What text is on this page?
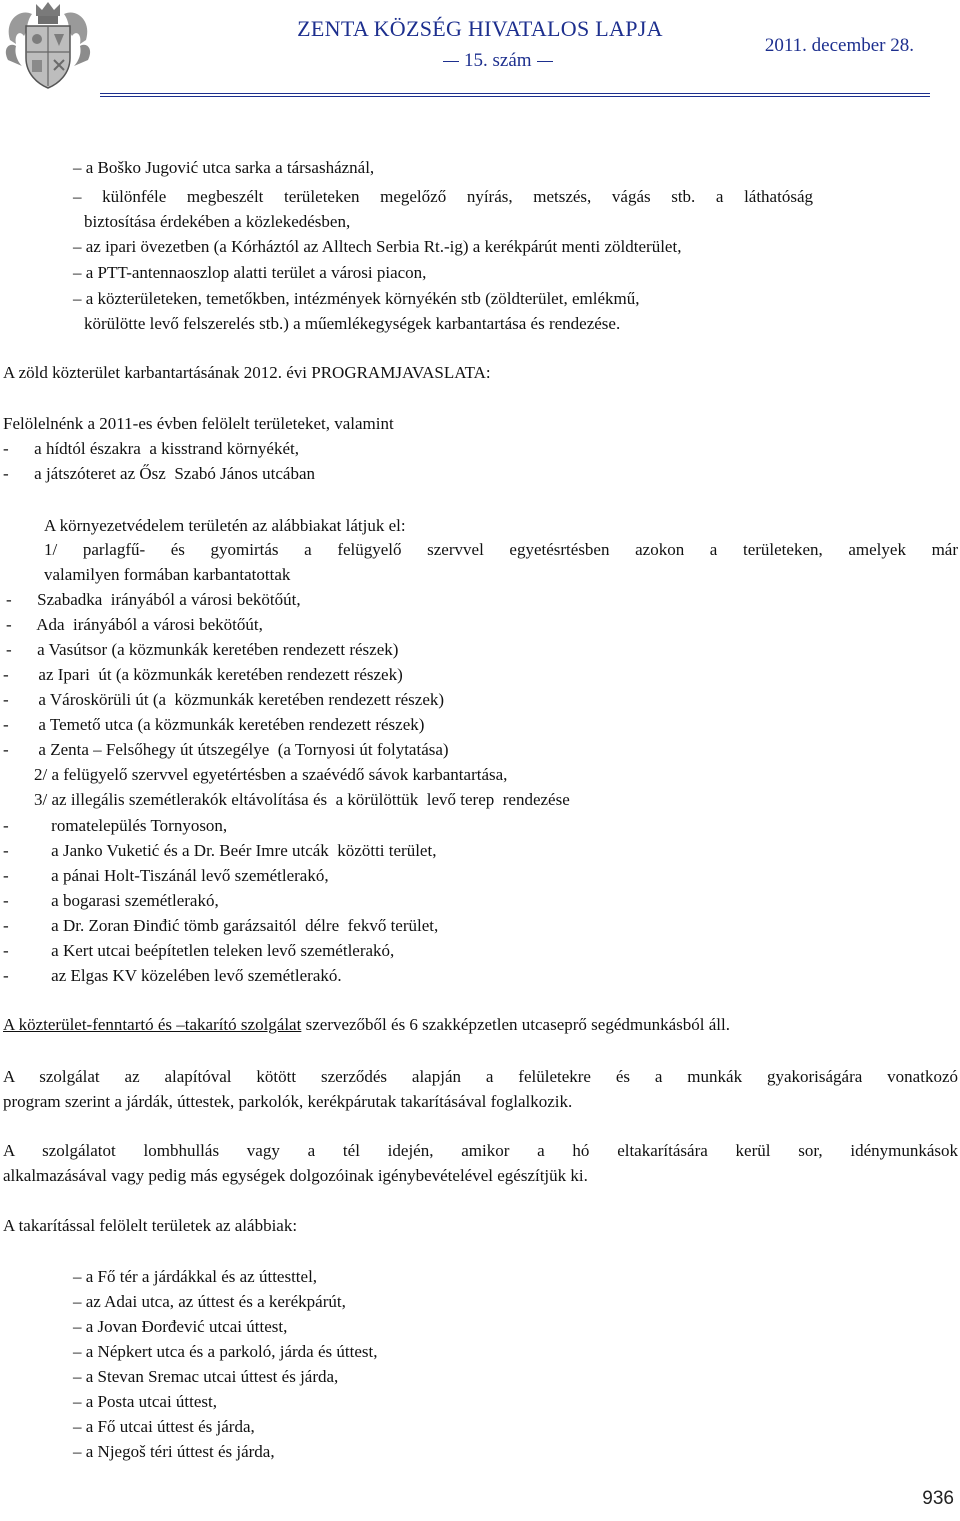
ZENTA KÖZSÉG HIVATALOS LAPJA
15. szám
2011. december 28.
– a Boško Jugović utca sarka a társasháznál,
– különféle megbeszélt területeken megelőző nyírás, metszés, vágás stb. a láthatóság
biztosítása érdekében a közlekedésben,
– az ipari övezetben (a Kórháztól az Alltech Serbia Rt.-ig) a kerékpárút menti zöldterület,
– a PTT-antennaoszlop alatti terület a városi piacon,
– a közterületeken, temetőkben, intézmények környékén stb (zöldterület, emlékmű,
körülötte levő felszerelés stb.) a műemlékegységek karbantartása és rendezése.
A zöld közterület karbantartásának 2012. évi PROGRAMJAVASLATA:
Felölelnénk a 2011-es évben felölelt területeket, valamint
-      a hídtól északra  a kisstrand környékét,
-      a játszóteret az Ősz  Szabó János utcában
A környezetvédelem területén az alábbiakat látjuk el:
1/ parlagfű- és gyomirtás a felügyelő szervvel egyetésrtésben azokon a területeken, amelyek már
valamilyen formában karbantatottak
-      Szabadka  irányából a városi bekötőút,
-      Ada  irányából a városi bekötőút,
-      a Vasútsor (a közmunkák keretében rendezett részek)
-       az Ipari  út (a közmunkák keretében rendezett részek)
-       a Városkörüli út (a  közmunkák keretében rendezett részek)
-       a Temető utca (a közmunkák keretében rendezett részek)
-       a Zenta – Felsőhegy út útszegélye  (a Tornyosi út folytatása)
2/ a felügyelő szervvel egyetértésben a szaévédő sávok karbantartása,
3/ az illegális szemétlerakók eltávolítása és  a körülöttük  levő terep  rendezése
-          romatelepülés Tornyoson,
-          a Janko Vuketić és a Dr. Beér Imre utcák  közötti terület,
-          a pánai Holt-Tiszánál levő szemétlerakó,
-          a bogarasi szemétlerakó,
-          a Dr. Zoran Đinđić tömb garázsaitól  délre  fekvő terület,
-          a Kert utcai beépítetlen teleken levő szemétlerakó,
-          az Elgas KV közelében levő szemétlerakó.
A közterület-fenntartó és –takarító szolgálat szervezőből és 6 szakképzetlen utcaseprő segédmunkásból áll.
A szolgálat az alapítóval kötött szerződés alapján a felületekre és a munkák gyakoriságára vonatkozó
program szerint a járdák, úttestek, parkolók, kerékpárutak takarításával foglalkozik.
A szolgálatot lombhullás vagy a tél idején, amikor a hó eltakarítására kerül sor, idénymunkások
alkalmazásával vagy pedig más egységek dolgozóinak igénybevételével egészítjük ki.
A takarítással felölelt területek az alábbiak:
– a Fő tér a járdákkal és az úttesttel,
– az Adai utca, az úttest és a kerékpárút,
– a Jovan Đorđević utcai úttest,
– a Népkert utca és a parkoló, járda és úttest,
– a Stevan Sremac utcai úttest és járda,
– a Posta utcai úttest,
– a Fő utcai úttest és járda,
– a Njegoš téri úttest és járda,
936
